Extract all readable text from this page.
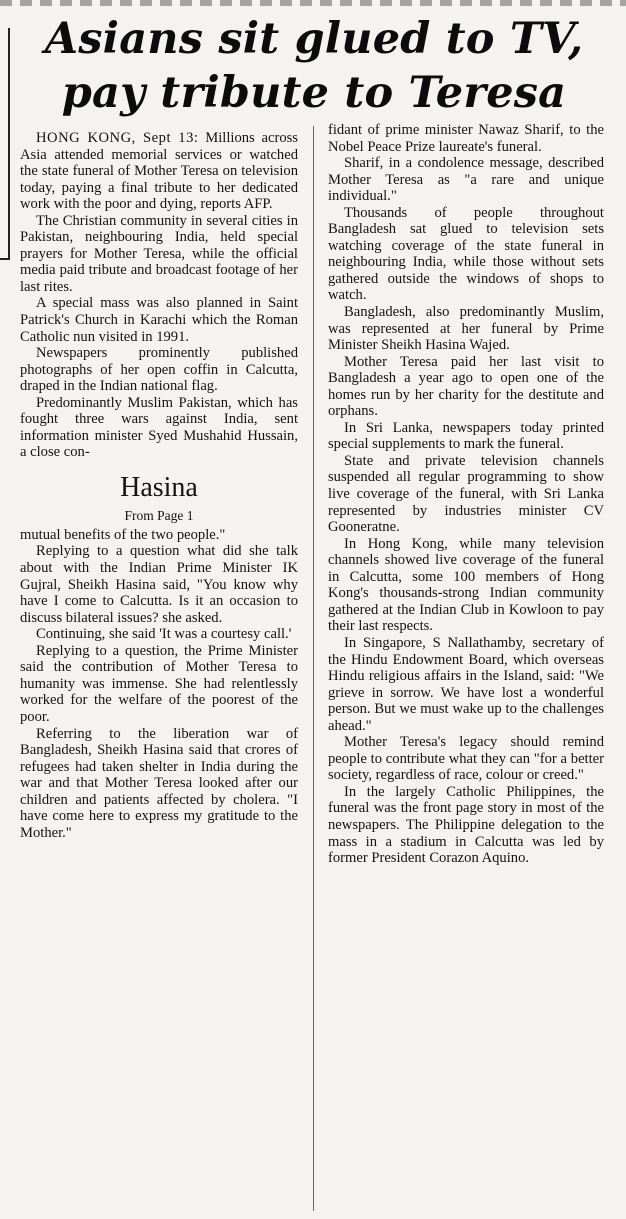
Asians sit glued to TV,
pay tribute to Teresa

HONG KONG, Sept 13: Millions across Asia attended memorial services or watched the state funeral of Mother Teresa on television today, paying a final tribute to her dedicated work with the poor and dying, reports AFP.

The Christian community in several cities in Pakistan, neighbouring India, held special prayers for Mother Teresa, while the official media paid tribute and broadcast footage of her last rites.

A special mass was also planned in Saint Patrick's Church in Karachi which the Roman Catholic nun visited in 1991.

Newspapers prominently published photographs of her open coffin in Calcutta, draped in the Indian national flag.

Predominantly Muslim Pakistan, which has fought three wars against India, sent information minister Syed Mushahid Hussain, a close con-

Hasina
From Page 1

mutual benefits of the two people."

Replying to a question what did she talk about with the Indian Prime Minister IK Gujral, Sheikh Hasina said, "You know why have I come to Calcutta. Is it an occasion to discuss bilateral issues? she asked.

Continuing, she said 'It was a courtesy call.'

Replying to a question, the Prime Minister said the contribution of Mother Teresa to humanity was immense. She had relentlessly worked for the welfare of the poorest of the poor.

Referring to the liberation war of Bangladesh, Sheikh Hasina said that crores of refugees had taken shelter in India during the war and that Mother Teresa looked after our children and patients affected by cholera. "I have come here to express my gratitude to the Mother."

fidant of prime minister Nawaz Sharif, to the Nobel Peace Prize laureate's funeral.

Sharif, in a condolence message, described Mother Teresa as "a rare and unique individual."

Thousands of people throughout Bangladesh sat glued to television sets watching coverage of the state funeral in neighbouring India, while those without sets gathered outside the windows of shops to watch.

Bangladesh, also predominantly Muslim, was represented at her funeral by Prime Minister Sheikh Hasina Wajed.

Mother Teresa paid her last visit to Bangladesh a year ago to open one of the homes run by her charity for the destitute and orphans.

In Sri Lanka, newspapers today printed special supplements to mark the funeral.

State and private television channels suspended all regular programming to show live coverage of the funeral, with Sri Lanka represented by industries minister CV Gooneratne.

In Hong Kong, while many television channels showed live coverage of the funeral in Calcutta, some 100 members of Hong Kong's thousands-strong Indian community gathered at the Indian Club in Kowloon to pay their last respects.

In Singapore, S Nallathamby, secretary of the Hindu Endowment Board, which overseas Hindu religious affairs in the Island, said: "We grieve in sorrow. We have lost a wonderful person. But we must wake up to the challenges ahead."

Mother Teresa's legacy should remind people to contribute what they can "for a better society, regardless of race, colour or creed."

In the largely Catholic Philippines, the funeral was the front page story in most of the newspapers. The Philippine delegation to the mass in a stadium in Calcutta was led by former President Corazon Aquino.
